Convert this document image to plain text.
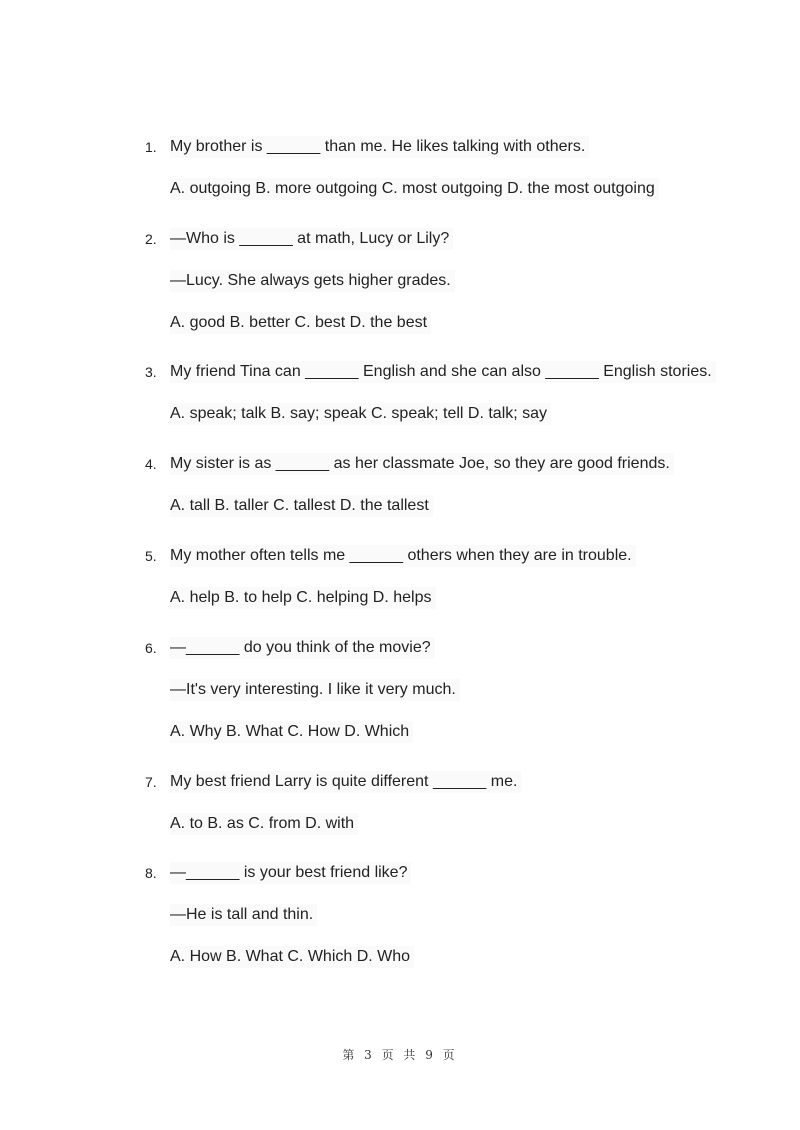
1. My brother is ______ than me. He likes talking with others.
A. outgoing B. more outgoing C. most outgoing D. the most outgoing
2. —Who is ______ at math, Lucy or Lily?
—Lucy. She always gets higher grades.
A. good B. better C. best D. the best
3. My friend Tina can ______ English and she can also ______ English stories.
A. speak; talk B. say; speak C. speak; tell D. talk; say
4. My sister is as ______ as her classmate Joe, so they are good friends.
A. tall B. taller C. tallest D. the tallest
5. My mother often tells me ______ others when they are in trouble.
A. help B. to help C. helping D. helps
6. —______ do you think of the movie?
—It's very interesting. I like it very much.
A. Why B. What C. How D. Which
7. My best friend Larry is quite different ______ me.
A. to B. as C. from D. with
8. —______ is your best friend like?
—He is tall and thin.
A. How B. What C. Which D. Who
第 3 页 共 9 页
